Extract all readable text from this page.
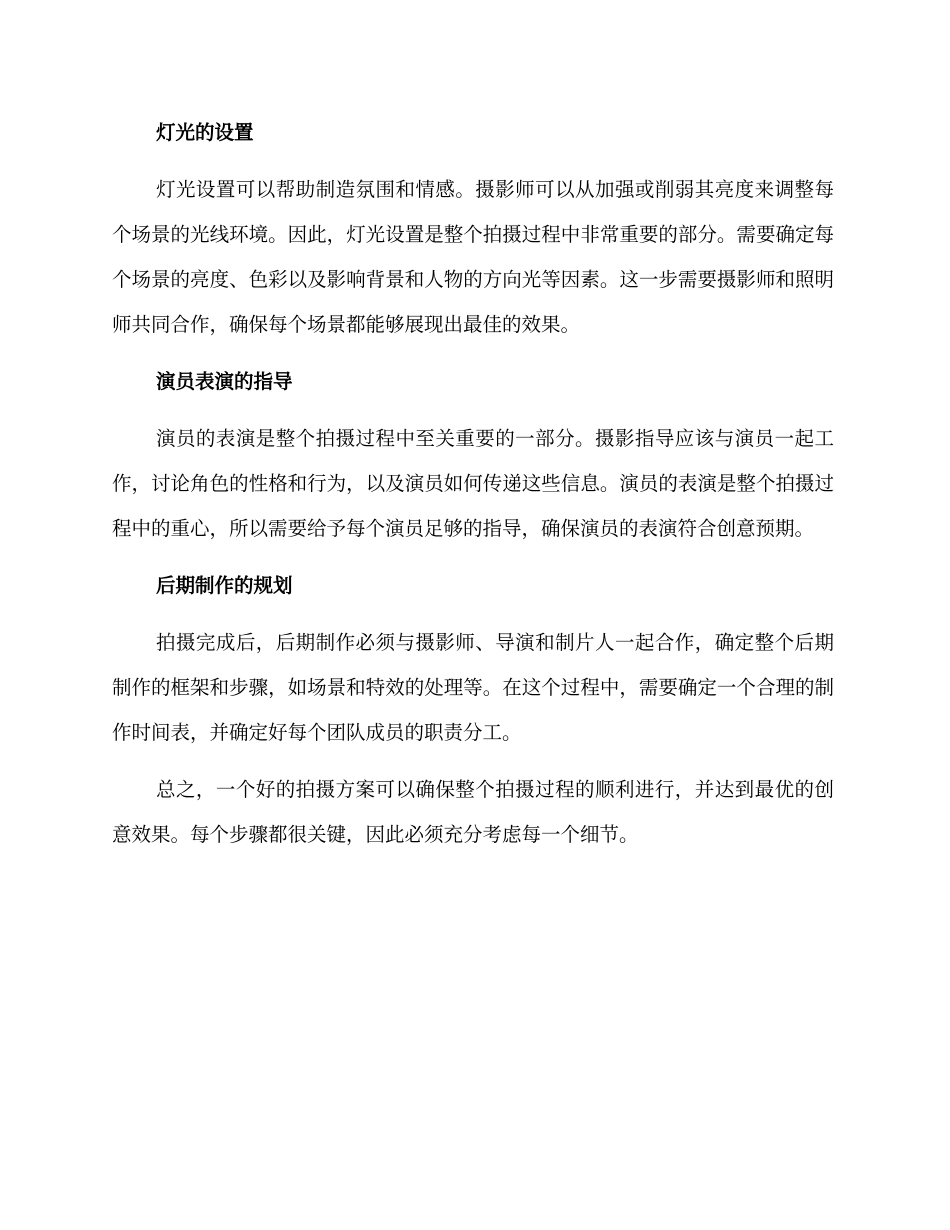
灯光的设置

灯光设置可以帮助制造氛围和情感。摄影师可以从加强或削弱其亮度来调整每个场景的光线环境。因此，灯光设置是整个拍摄过程中非常重要的部分。需要确定每个场景的亮度、色彩以及影响背景和人物的方向光等因素。这一步需要摄影师和照明师共同合作，确保每个场景都能够展现出最佳的效果。

演员表演的指导

演员的表演是整个拍摄过程中至关重要的一部分。摄影指导应该与演员一起工作，讨论角色的性格和行为，以及演员如何传递这些信息。演员的表演是整个拍摄过程中的重心，所以需要给予每个演员足够的指导，确保演员的表演符合创意预期。

后期制作的规划

拍摄完成后，后期制作必须与摄影师、导演和制片人一起合作，确定整个后期制作的框架和步骤，如场景和特效的处理等。在这个过程中，需要确定一个合理的制作时间表，并确定好每个团队成员的职责分工。

总之，一个好的拍摄方案可以确保整个拍摄过程的顺利进行，并达到最优的创意效果。每个步骤都很关键，因此必须充分考虑每一个细节。
